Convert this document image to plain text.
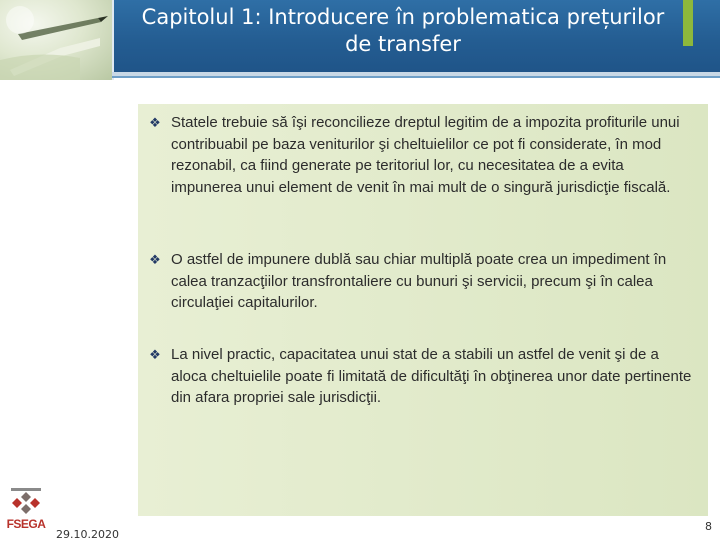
Capitolul 1: Introducere în problematica prețurilor
de transfer
❖ Statele trebuie să îşi reconcilieze dreptul legitim de a impozita profiturile unui contribuabil pe baza veniturilor şi cheltuielilor ce pot fi considerate, în mod rezonabil, ca fiind generate pe teritoriul lor, cu necesitatea de a evita impunerea unui element de venit în mai mult de o singură jurisdicţie fiscală.
❖ O astfel de impunere dublă sau chiar multiplă poate crea un impediment în calea tranzacţiilor transfrontaliere cu bunuri şi servicii, precum şi în calea circulaţiei capitalurilor.
❖ La nivel practic, capacitatea unui stat de a stabili un astfel de venit şi de a aloca cheltuielile poate fi limitată de dificultăţi în obţinerea unor date pertinente din afara propriei sale jurisdicţii.
FSEGA
29.10.2020
8
